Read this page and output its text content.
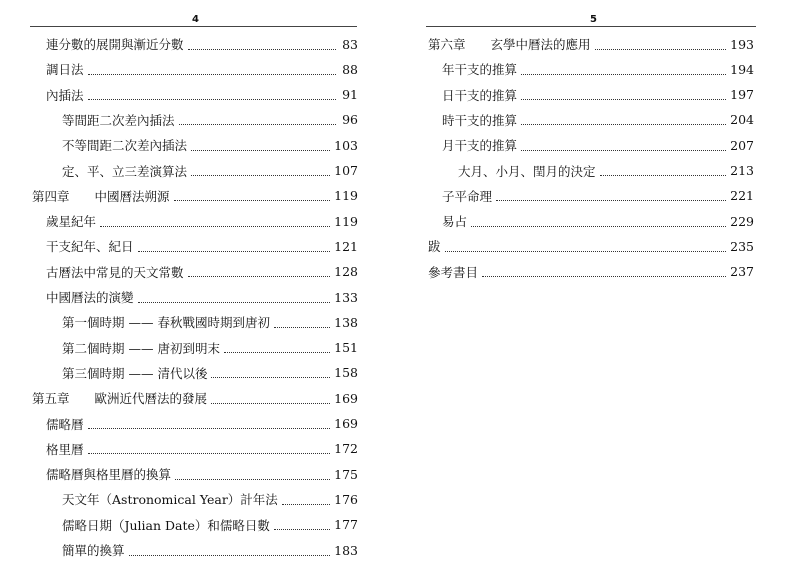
4
連分數的展開與漸近分數	83
調日法	88
內插法	91
等間距二次差內插法	96
不等間距二次差內插法	103
定、平、立三差演算法	107
第四章　　中國曆法朔源	119
歲星紀年	119
干支紀年、紀日	121
古曆法中常見的天文常數	128
中國曆法的演變	133
第一個時期 —— 春秋戰國時期到唐初	138
第二個時期 —— 唐初到明末	151
第三個時期 —— 清代以後	158
第五章　　歐洲近代曆法的發展	169
儒略曆	169
格里曆	172
儒略曆與格里曆的換算	175
天文年（Astronomical Year）計年法	176
儒略日期（Julian Date）和儒略日數	177
簡單的換算	183
5
第六章　　玄學中曆法的應用	193
年干支的推算	194
日干支的推算	197
時干支的推算	204
月干支的推算	207
大月、小月、閏月的決定	213
子平命理	221
易占	229
跋	235
參考書目	237
